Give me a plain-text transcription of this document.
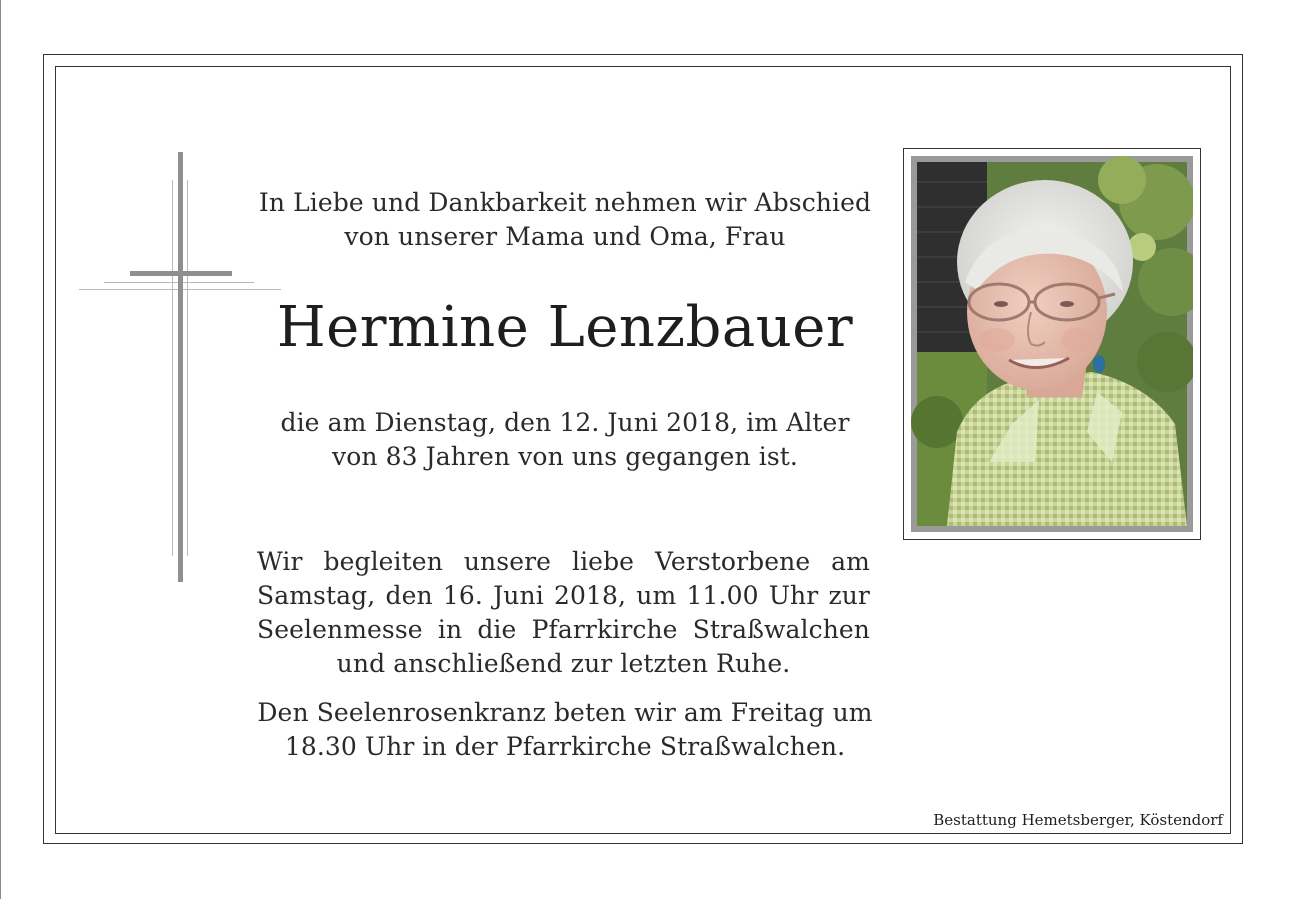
In Liebe und Dankbarkeit nehmen wir Abschied
von unserer Mama und Oma, Frau
Hermine Lenzbauer
die am Dienstag, den 12. Juni 2018, im Alter
von 83 Jahren von uns gegangen ist.
Wir begleiten unsere liebe Verstorbene am Samstag, den 16. Juni 2018, um 11.00 Uhr zur Seelenmesse in die Pfarrkirche Straßwalchen und anschließend zur letzten Ruhe.
Den Seelenrosenkranz beten wir am Freitag um
18.30 Uhr in der Pfarrkirche Straßwalchen.
Bestattung Hemetsberger, Köstendorf
